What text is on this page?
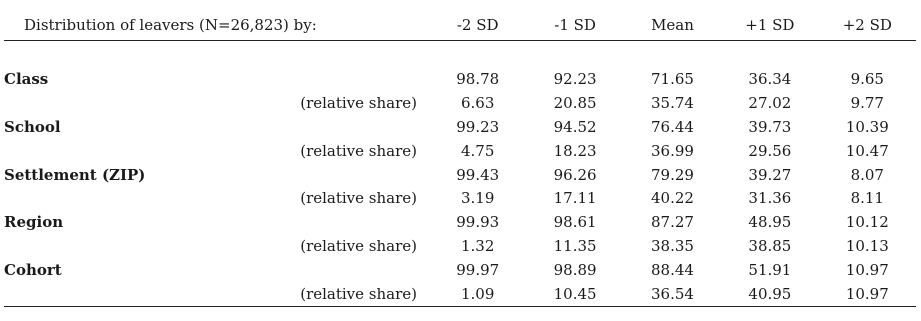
Distribution of leavers (N=26,823) by:	-2 SD	-1 SD	Mean	+1 SD	+2 SD

Class	98.78	92.23	71.65	36.34	9.65
(relative share)	6.63	20.85	35.74	27.02	9.77
School	99.23	94.52	76.44	39.73	10.39
(relative share)	4.75	18.23	36.99	29.56	10.47
Settlement (ZIP)	99.43	96.26	79.29	39.27	8.07
(relative share)	3.19	17.11	40.22	31.36	8.11
Region	99.93	98.61	87.27	48.95	10.12
(relative share)	1.32	11.35	38.35	38.85	10.13
Cohort	99.97	98.89	88.44	51.91	10.97
(relative share)	1.09	10.45	36.54	40.95	10.97
